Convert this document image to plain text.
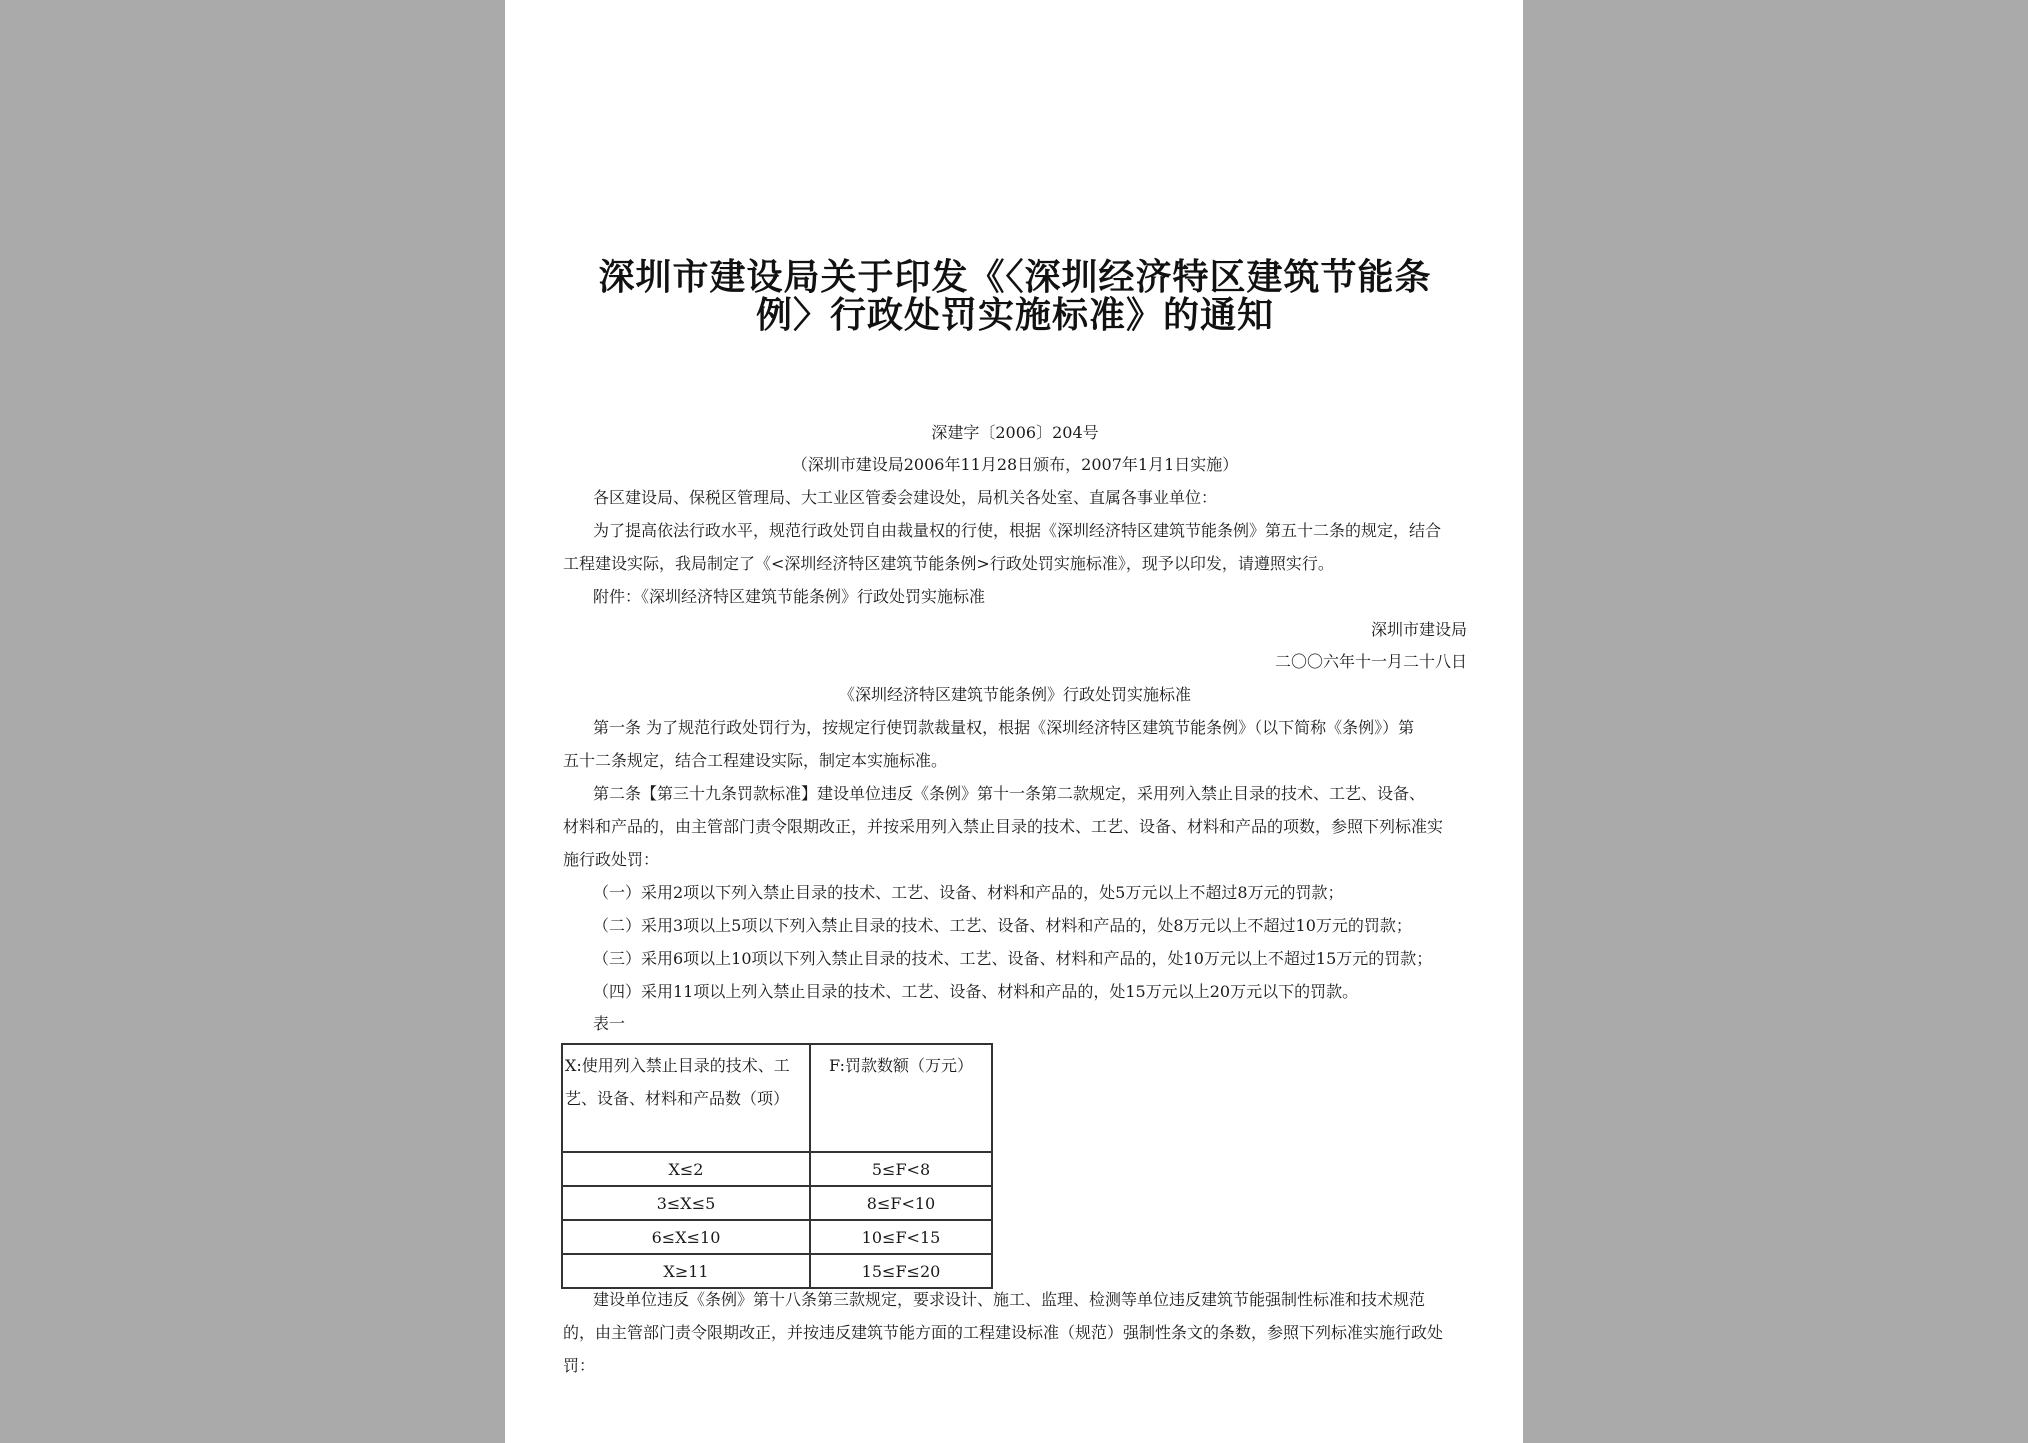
深圳市建设局关于印发《〈深圳经济特区建筑节能条
例〉行政处罚实施标准》的通知

深建字〔2006〕204号

（深圳市建设局2006年11月28日颁布，2007年1月1日实施）

各区建设局、保税区管理局、大工业区管委会建设处，局机关各处室、直属各事业单位：

为了提高依法行政水平，规范行政处罚自由裁量权的行使，根据《深圳经济特区建筑节能条例》第五十二条的规定，结合

工程建设实际，我局制定了《<深圳经济特区建筑节能条例>行政处罚实施标准》，现予以印发，请遵照实行。

附件：《深圳经济特区建筑节能条例》行政处罚实施标准

深圳市建设局

二〇〇六年十一月二十八日

《深圳经济特区建筑节能条例》行政处罚实施标准

第一条 为了规范行政处罚行为，按规定行使罚款裁量权，根据《深圳经济特区建筑节能条例》（以下简称《条例》）第

五十二条规定，结合工程建设实际，制定本实施标准。

第二条【第三十九条罚款标准】建设单位违反《条例》第十一条第二款规定，采用列入禁止目录的技术、工艺、设备、

材料和产品的，由主管部门责令限期改正，并按采用列入禁止目录的技术、工艺、设备、材料和产品的项数，参照下列标准实

施行政处罚：

（一）采用2项以下列入禁止目录的技术、工艺、设备、材料和产品的，处5万元以上不超过8万元的罚款；

（二）采用3项以上5项以下列入禁止目录的技术、工艺、设备、材料和产品的，处8万元以上不超过10万元的罚款；

（三）采用6项以上10项以下列入禁止目录的技术、工艺、设备、材料和产品的，处10万元以上不超过15万元的罚款；

（四）采用11项以上列入禁止目录的技术、工艺、设备、材料和产品的，处15万元以上20万元以下的罚款。

表一

X:使用列入禁止目录的技术、工艺、设备、材料和产品数（项）	F:罚款数额（万元）
X≤2	5≤F<8
3≤X≤5	8≤F<10
6≤X≤10	10≤F<15
X≥11	15≤F≤20

建设单位违反《条例》第十八条第三款规定，要求设计、施工、监理、检测等单位违反建筑节能强制性标准和技术规范

的，由主管部门责令限期改正，并按违反建筑节能方面的工程建设标准（规范）强制性条文的条数，参照下列标准实施行政处

罚：
